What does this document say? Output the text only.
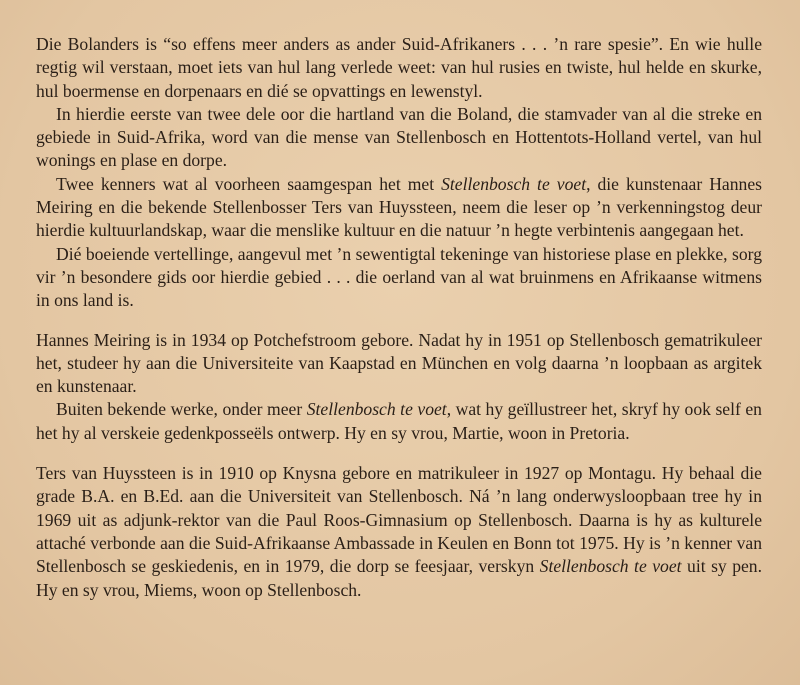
Die Bolanders is “so effens meer anders as ander Suid-Afrikaners . . . ’n rare spesie”. En wie hulle regtig wil verstaan, moet iets van hul lang verlede weet: van hul rusies en twiste, hul helde en skurke, hul boermense en dorpenaars en dié se opvattings en lewenstyl.

In hierdie eerste van twee dele oor die hartland van die Boland, die stamvader van al die streke en gebiede in Suid-Afrika, word van die mense van Stellenbosch en Hottentots-Holland vertel, van hul wonings en plase en dorpe.

Twee kenners wat al voorheen saamgespan het met Stellenbosch te voet, die kunstenaar Hannes Meiring en die bekende Stellenbosser Ters van Huyssteen, neem die leser op ’n verkenningstog deur hierdie kultuurlandskap, waar die menslike kultuur en die natuur ’n hegte verbintenis aangegaan het.

Dié boeiende vertellinge, aangevul met ’n sewentigtal tekeninge van historiese plase en plekke, sorg vir ’n besondere gids oor hierdie gebied . . . die oerland van al wat bruinmens en Afrikaanse witmens in ons land is.

Hannes Meiring is in 1934 op Potchefstroom gebore. Nadat hy in 1951 op Stellenbosch gematrikuleer het, studeer hy aan die Universiteite van Kaapstad en München en volg daarna ’n loopbaan as argitek en kunstenaar.

Buiten bekende werke, onder meer Stellenbosch te voet, wat hy geïllustreer het, skryf hy ook self en het hy al verskeie gedenkposseëls ontwerp. Hy en sy vrou, Martie, woon in Pretoria.

Ters van Huyssteen is in 1910 op Knysna gebore en matrikuleer in 1927 op Montagu. Hy behaal die grade B.A. en B.Ed. aan die Universiteit van Stellenbosch. Ná ’n lang onderwysloopbaan tree hy in 1969 uit as adjunk-rektor van die Paul Roos-Gimnasium op Stellenbosch. Daarna is hy as kulturele attaché verbonde aan die Suid-Afrikaanse Ambassade in Keulen en Bonn tot 1975. Hy is ’n kenner van Stellenbosch se geskiedenis, en in 1979, die dorp se feesjaar, verskyn Stellenbosch te voet uit sy pen. Hy en sy vrou, Miems, woon op Stellenbosch.
